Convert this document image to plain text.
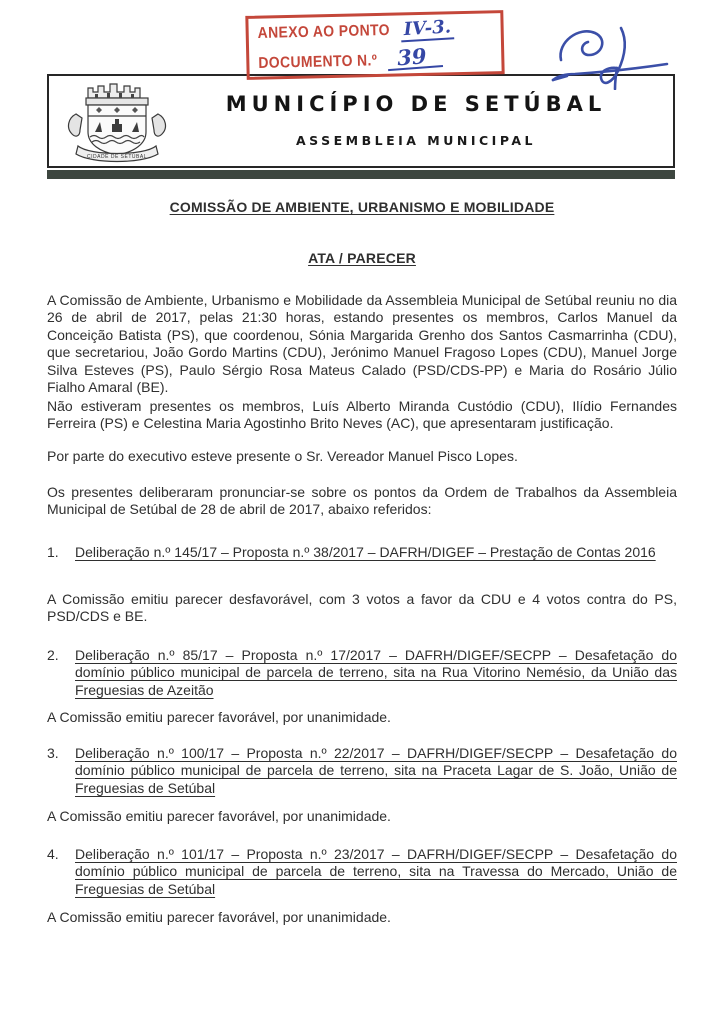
ANEXO AO PONTO IV-3.
DOCUMENTO N.º 39
MUNICÍPIO DE SETÚBAL
ASSEMBLEIA MUNICIPAL
CIDADE DE SETÚBAL
COMISSÃO DE AMBIENTE, URBANISMO E MOBILIDADE
ATA / PARECER

A Comissão de Ambiente, Urbanismo e Mobilidade da Assembleia Municipal de Setúbal reuniu no dia 26 de abril de 2017, pelas 21:30 horas, estando presentes os membros, Carlos Manuel da Conceição Batista (PS), que coordenou, Sónia Margarida Grenho dos Santos Casmarrinha (CDU), que secretariou, João Gordo Martins (CDU), Jerónimo Manuel Fragoso Lopes (CDU), Manuel Jorge Silva Esteves (PS), Paulo Sérgio Rosa Mateus Calado (PSD/CDS-PP) e Maria do Rosário Júlio Fialho Amaral (BE).

Não estiveram presentes os membros, Luís Alberto Miranda Custódio (CDU), Ilídio Fernandes Ferreira (PS) e Celestina Maria Agostinho Brito Neves (AC), que apresentaram justificação.

Por parte do executivo esteve presente o Sr. Vereador Manuel Pisco Lopes.

Os presentes deliberaram pronunciar-se sobre os pontos da Ordem de Trabalhos da Assembleia Municipal de Setúbal de 28 de abril de 2017, abaixo referidos:

1.	Deliberação n.º 145/17 – Proposta n.º 38/2017 – DAFRH/DIGEF – Prestação de Contas 2016

A Comissão emitiu parecer desfavorável, com 3 votos a favor da CDU e 4 votos contra do PS, PSD/CDS e BE.

2.	Deliberação n.º 85/17 – Proposta n.º 17/2017 – DAFRH/DIGEF/SECPP – Desafetação do domínio público municipal de parcela de terreno, sita na Rua Vitorino Nemésio, da União das Freguesias de Azeitão

A Comissão emitiu parecer favorável, por unanimidade.

3.	Deliberação n.º 100/17 – Proposta n.º 22/2017 – DAFRH/DIGEF/SECPP – Desafetação do domínio público municipal de parcela de terreno, sita na Praceta Lagar de S. João, União de Freguesias de Setúbal

A Comissão emitiu parecer favorável, por unanimidade.

4.	Deliberação n.º 101/17 – Proposta n.º 23/2017 – DAFRH/DIGEF/SECPP – Desafetação do domínio público municipal de parcela de terreno, sita na Travessa do Mercado, União de Freguesias de Setúbal

A Comissão emitiu parecer favorável, por unanimidade.
